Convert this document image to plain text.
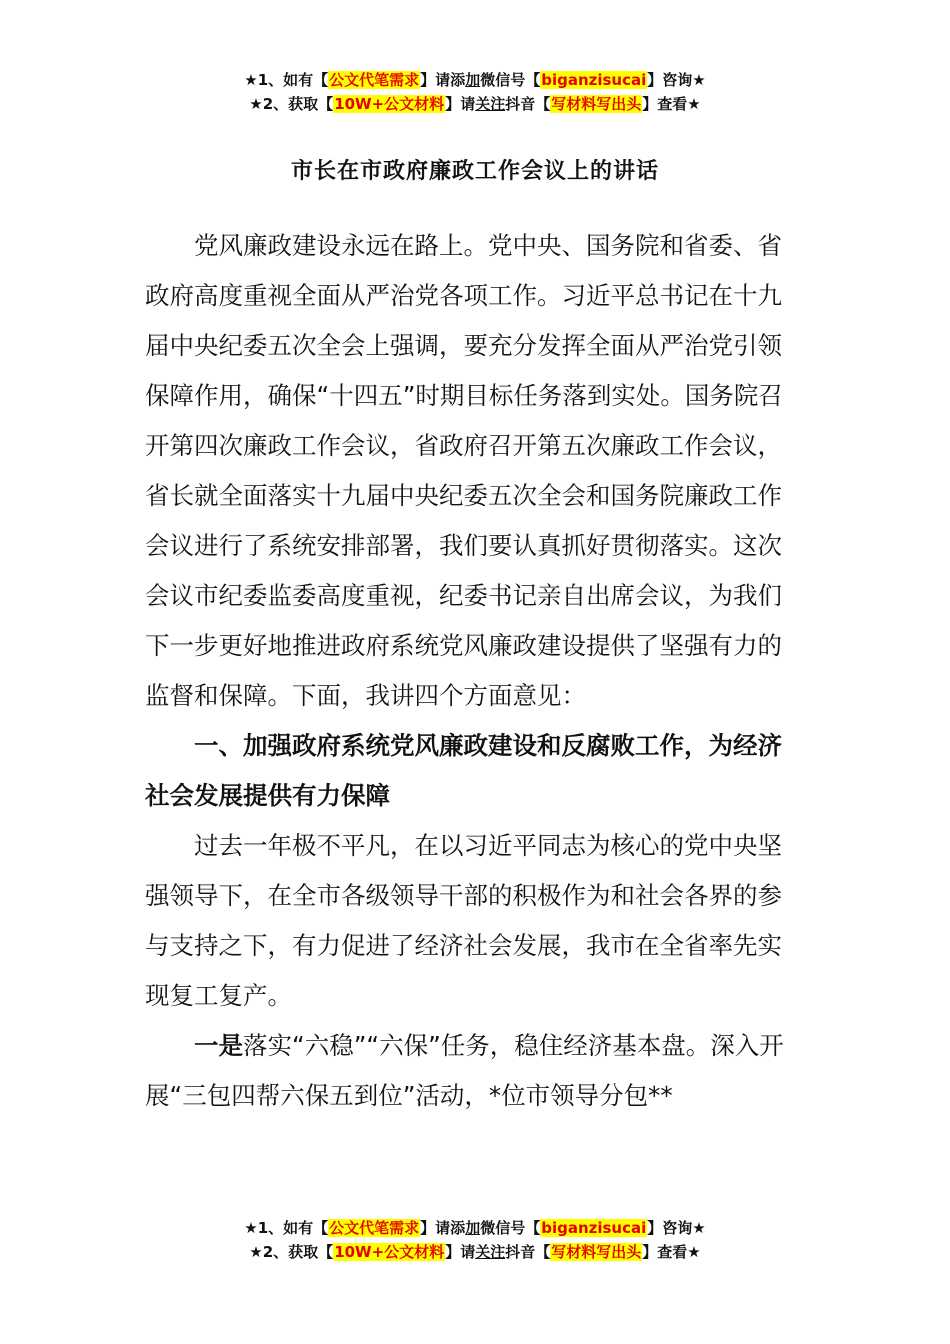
★1、如有【公文代笔需求】请添加微信号【biganzisucai】咨询★
★2、获取【10W+公文材料】请关注抖音【写材料写出头】查看★
市长在市政府廉政工作会议上的讲话

党风廉政建设永远在路上。党中央、国务院和省委、省政府高度重视全面从严治党各项工作。习近平总书记在十九届中央纪委五次全会上强调，要充分发挥全面从严治党引领保障作用，确保“十四五”时期目标任务落到实处。国务院召开第四次廉政工作会议，省政府召开第五次廉政工作会议，省长就全面落实十九届中央纪委五次全会和国务院廉政工作会议进行了系统安排部署，我们要认真抓好贯彻落实。这次会议市纪委监委高度重视，纪委书记亲自出席会议，为我们下一步更好地推进政府系统党风廉政建设提供了坚强有力的监督和保障。下面，我讲四个方面意见：

一、加强政府系统党风廉政建设和反腐败工作，为经济社会发展提供有力保障

过去一年极不平凡，在以习近平同志为核心的党中央坚强领导下，在全市各级领导干部的积极作为和社会各界的参与支持之下，有力促进了经济社会发展，我市在全省率先实现复工复产。

一是落实“六稳”“六保”任务，稳住经济基本盘。深入开展“三包四帮六保五到位”活动，*位市领导分包**

★1、如有【公文代笔需求】请添加微信号【biganzisucai】咨询★
★2、获取【10W+公文材料】请关注抖音【写材料写出头】查看★
